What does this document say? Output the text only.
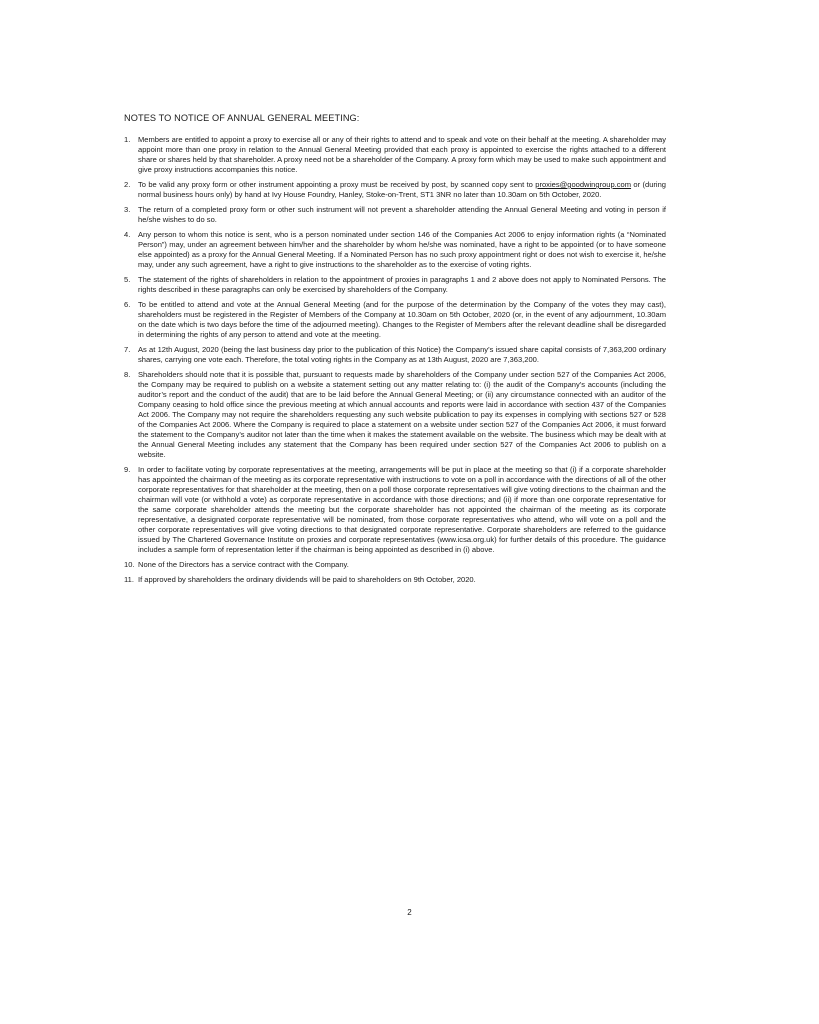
NOTES TO NOTICE OF ANNUAL GENERAL MEETING:
1.	Members are entitled to appoint a proxy to exercise all or any of their rights to attend and to speak and vote on their behalf at the meeting. A shareholder may appoint more than one proxy in relation to the Annual General Meeting provided that each proxy is appointed to exercise the rights attached to a different share or shares held by that shareholder. A proxy need not be a shareholder of the Company. A proxy form which may be used to make such appointment and give proxy instructions accompanies this notice.
2.	To be valid any proxy form or other instrument appointing a proxy must be received by post, by scanned copy sent to proxies@goodwingroup.com or (during normal business hours only) by hand at Ivy House Foundry, Hanley, Stoke-on-Trent, ST1 3NR no later than 10.30am on 5th October, 2020.
3.	The return of a completed proxy form or other such instrument will not prevent a shareholder attending the Annual General Meeting and voting in person if he/she wishes to do so.
4.	Any person to whom this notice is sent, who is a person nominated under section 146 of the Companies Act 2006 to enjoy information rights (a “Nominated Person”) may, under an agreement between him/her and the shareholder by whom he/she was nominated, have a right to be appointed (or to have someone else appointed) as a proxy for the Annual General Meeting. If a Nominated Person has no such proxy appointment right or does not wish to exercise it, he/she may, under any such agreement, have a right to give instructions to the shareholder as to the exercise of voting rights.
5.	The statement of the rights of shareholders in relation to the appointment of proxies in paragraphs 1 and 2 above does not apply to Nominated Persons. The rights described in these paragraphs can only be exercised by shareholders of the Company.
6.	To be entitled to attend and vote at the Annual General Meeting (and for the purpose of the determination by the Company of the votes they may cast), shareholders must be registered in the Register of Members of the Company at 10.30am on 5th October, 2020 (or, in the event of any adjournment, 10.30am on the date which is two days before the time of the adjourned meeting). Changes to the Register of Members after the relevant deadline shall be disregarded in determining the rights of any person to attend and vote at the meeting.
7.	As at 12th August, 2020 (being the last business day prior to the publication of this Notice) the Company’s issued share capital consists of 7,363,200 ordinary shares, carrying one vote each. Therefore, the total voting rights in the Company as at 13th August, 2020 are 7,363,200.
8.	Shareholders should note that it is possible that, pursuant to requests made by shareholders of the Company under section 527 of the Companies Act 2006, the Company may be required to publish on a website a statement setting out any matter relating to: (i) the audit of the Company’s accounts (including the auditor’s report and the conduct of the audit) that are to be laid before the Annual General Meeting; or (ii) any circumstance connected with an auditor of the Company ceasing to hold office since the previous meeting at which annual accounts and reports were laid in accordance with section 437 of the Companies Act 2006. The Company may not require the shareholders requesting any such website publication to pay its expenses in complying with sections 527 or 528 of the Companies Act 2006. Where the Company is required to place a statement on a website under section 527 of the Companies Act 2006, it must forward the statement to the Company’s auditor not later than the time when it makes the statement available on the website. The business which may be dealt with at the Annual General Meeting includes any statement that the Company has been required under section 527 of the Companies Act 2006 to publish on a website.
9.	In order to facilitate voting by corporate representatives at the meeting, arrangements will be put in place at the meeting so that (i) if a corporate shareholder has appointed the chairman of the meeting as its corporate representative with instructions to vote on a poll in accordance with the directions of all of the other corporate representatives for that shareholder at the meeting, then on a poll those corporate representatives will give voting directions to the chairman and the chairman will vote (or withhold a vote) as corporate representative in accordance with those directions; and (ii) if more than one corporate representative for the same corporate shareholder attends the meeting but the corporate shareholder has not appointed the chairman of the meeting as its corporate representative, a designated corporate representative will be nominated, from those corporate representatives who attend, who will vote on a poll and the other corporate representatives will give voting directions to that designated corporate representative. Corporate shareholders are referred to the guidance issued by The Chartered Governance Institute on proxies and corporate representatives (www.icsa.org.uk) for further details of this procedure. The guidance includes a sample form of representation letter if the chairman is being appointed as described in (i) above.
10. None of the Directors has a service contract with the Company.
11. If approved by shareholders the ordinary dividends will be paid to shareholders on 9th October, 2020.
2
